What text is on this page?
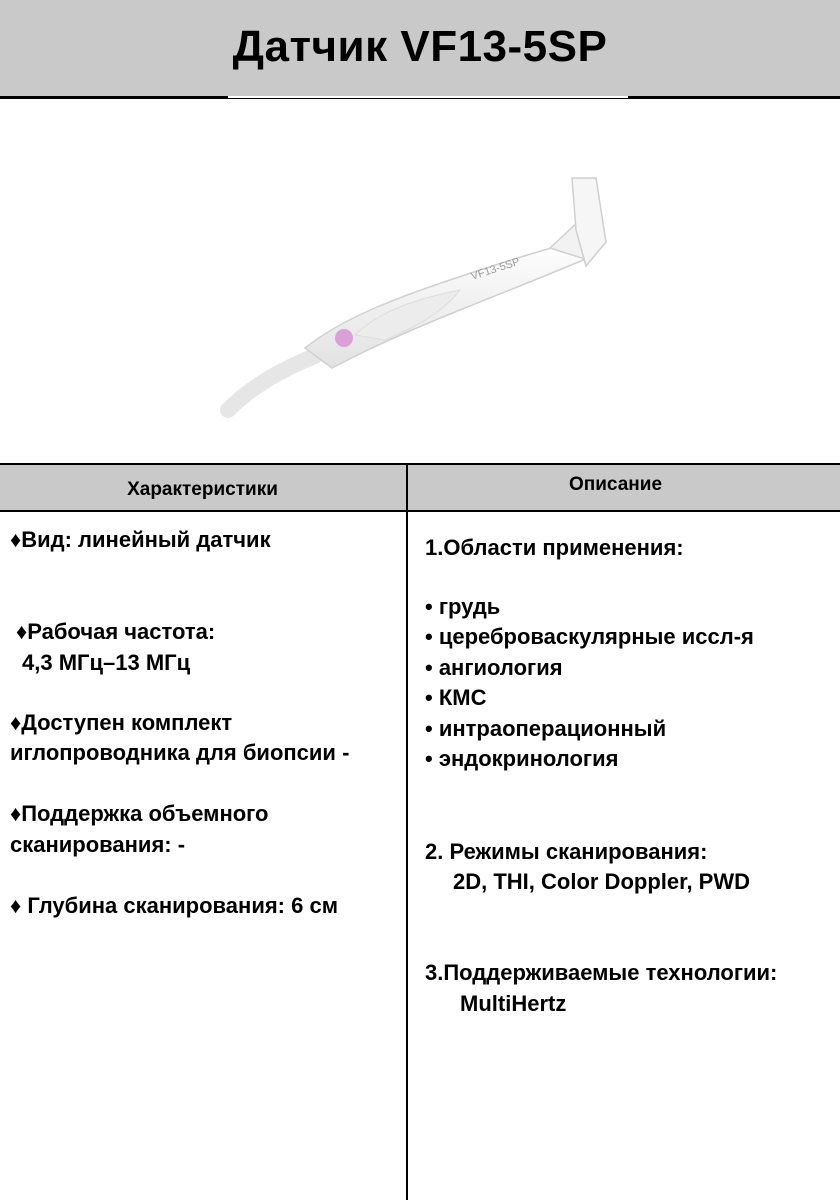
Датчик VF13-5SP
VF13-5SP
Характеристики	Описание
♦Вид: линейный датчик
♦Рабочая частота:
4,3 МГц–13 МГц
♦Доступен комплект
иглопроводника для биопсии -
♦Поддержка объемного
сканирования: -
♦ Глубина сканирования: 6 см
1.Области применения:
• грудь
• цереброваскулярные иссл-я
• ангиология
• КМС
• интраоперационный
• эндокринология
2. Режимы сканирования:
2D, THI, Color Doppler, PWD
3.Поддерживаемые технологии:
MultiHertz
